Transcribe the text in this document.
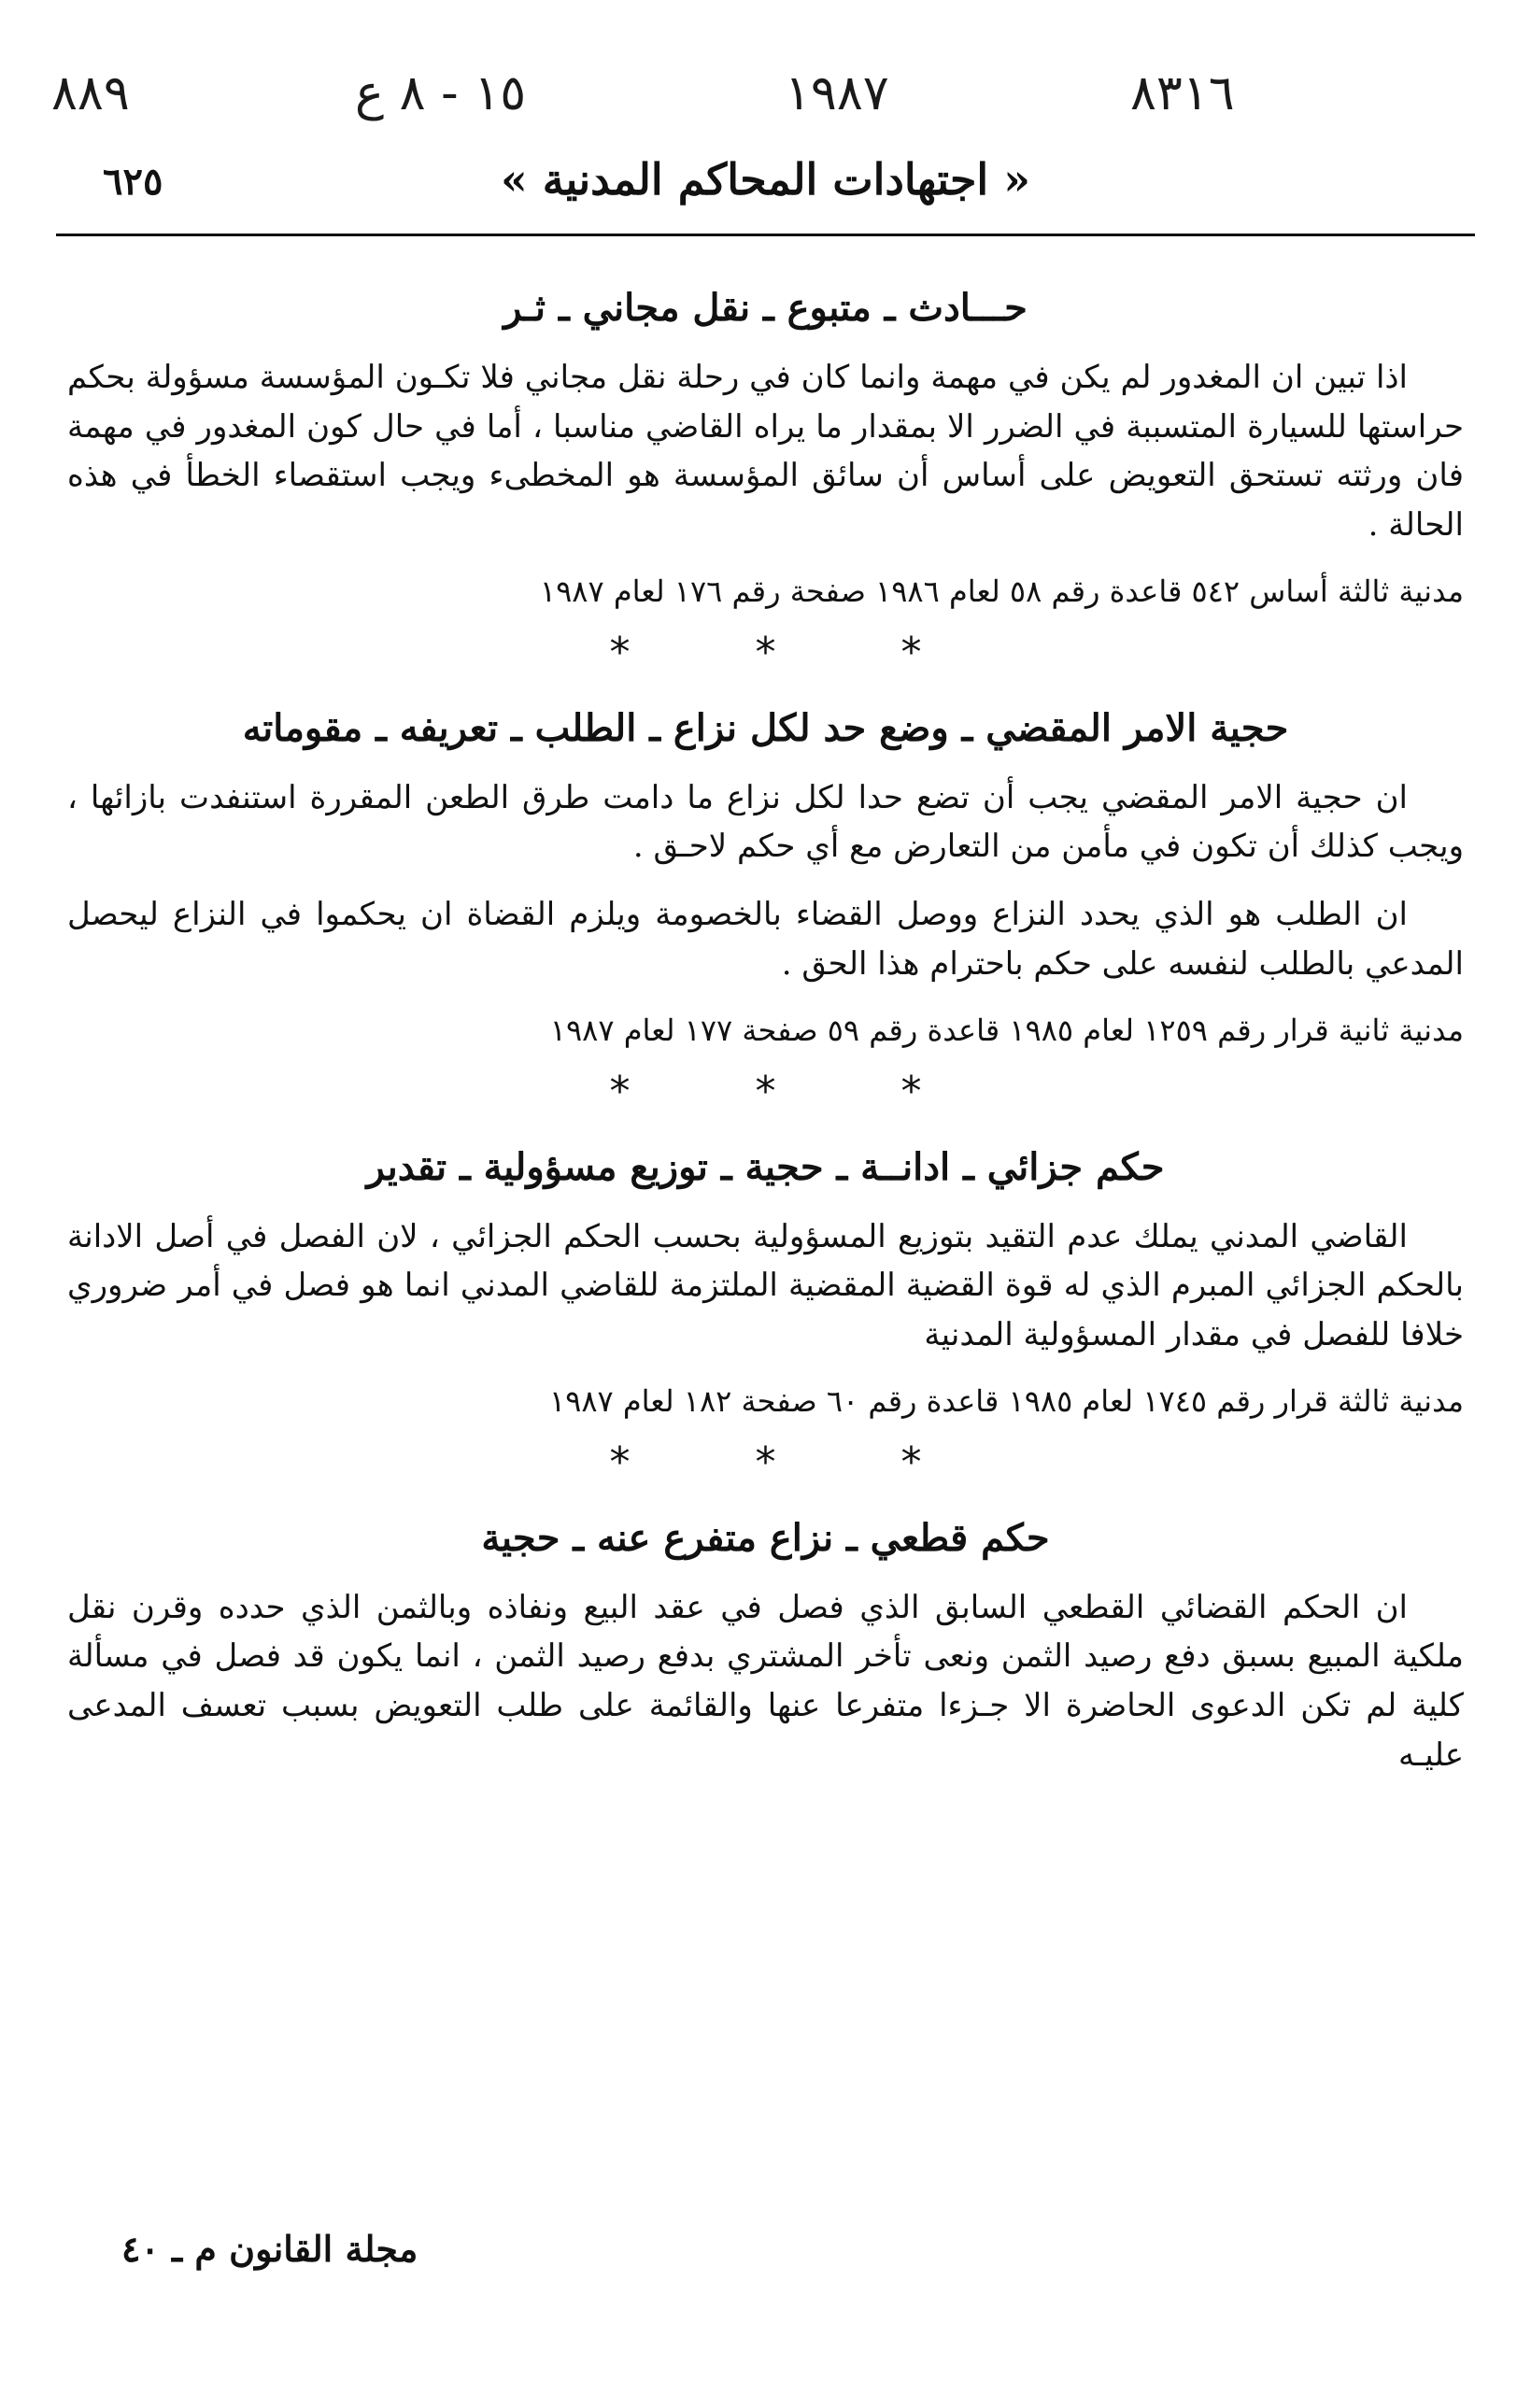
٨٨٩	١٥ - ٨ ع	١٩٨٧	٨٣١٦
٦٢٥	« اجتهادات المحاكم المدنية »
حـــادث ـ متبوع ـ نقل مجاني ـ ثـر

اذا تبين ان المغدور لم يكن في مهمة وانما كان في رحلة نقل مجاني فلا تكـون المؤسسة مسؤولة بحكم حراستها للسيارة المتسببة في الضرر الا بمقدار ما يراه القاضي مناسبا ، أما في حال كون المغدور في مهمة فان ورثته تستحق التعويض على أساس أن سائق المؤسسة هو المخطىء ويجب استقصاء الخطأ في هذه الحالة .

مدنية ثالثة أساس ٥٤٢ قاعدة رقم ٥٨ لعام ١٩٨٦ صفحة رقم ١٧٦ لعام ١٩٨٧

* * *
حجية الامر المقضي ـ وضع حد لكل نزاع ـ الطلب ـ تعريفه ـ مقوماته

ان حجية الامر المقضي يجب أن تضع حدا لكل نزاع ما دامت طرق الطعن المقررة استنفدت بازائها ، ويجب كذلك أن تكون في مأمن من التعارض مع أي حكم لاحـق .

ان الطلب هو الذي يحدد النزاع ووصل القضاء بالخصومة ويلزم القضاة ان يحكموا في النزاع ليحصل المدعي بالطلب لنفسه على حكم باحترام هذا الحق .

مدنية ثانية قرار رقم ١٢٥٩ لعام ١٩٨٥ قاعدة رقم ٥٩ صفحة ١٧٧ لعام ١٩٨٧

* * *
حكم جزائي ـ ادانــة ـ حجية ـ توزيع مسؤولية ـ تقدير

القاضي المدني يملك عدم التقيد بتوزيع المسؤولية بحسب الحكم الجزائي ، لان الفصل في أصل الادانة بالحكم الجزائي المبرم الذي له قوة القضية المقضية الملتزمة للقاضي المدني انما هو فصل في أمر ضروري خلافا للفصل في مقدار المسؤولية المدنية

مدنية ثالثة قرار رقم ١٧٤٥ لعام ١٩٨٥ قاعدة رقم ٦٠ صفحة ١٨٢ لعام ١٩٨٧

* * *
حكم قطعي ـ نزاع متفرع عنه ـ حجية

ان الحكم القضائي القطعي السابق الذي فصل في عقد البيع ونفاذه وبالثمن الذي حدده وقرن نقل ملكية المبيع بسبق دفع رصيد الثمن ونعى تأخر المشتري بدفع رصيد الثمن ، انما يكون قد فصل في مسألة كلية لم تكن الدعوى الحاضرة الا جـزءا متفرعا عنها والقائمة على طلب التعويض بسبب تعسف المدعى عليـه

مجلة القانون م ـ ٤٠
